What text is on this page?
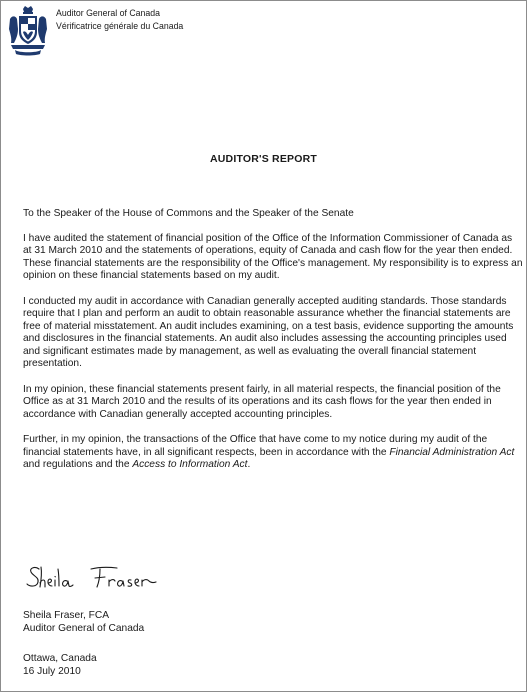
Auditor General of Canada
Vérificatrice générale du Canada
AUDITOR'S REPORT

To the Speaker of the House of Commons and the Speaker of the Senate

I have audited the statement of financial position of the Office of the Information Commissioner of Canada as at 31 March 2010 and the statements of operations, equity of Canada and cash flow for the year then ended. These financial statements are the responsibility of the Office's management. My responsibility is to express an opinion on these financial statements based on my audit.

I conducted my audit in accordance with Canadian generally accepted auditing standards. Those standards require that I plan and perform an audit to obtain reasonable assurance whether the financial statements are free of material misstatement. An audit includes examining, on a test basis, evidence supporting the amounts and disclosures in the financial statements. An audit also includes assessing the accounting principles used and significant estimates made by management, as well as evaluating the overall financial statement presentation.

In my opinion, these financial statements present fairly, in all material respects, the financial position of the Office as at 31 March 2010 and the results of its operations and its cash flows for the year then ended in accordance with Canadian generally accepted accounting principles.

Further, in my opinion, the transactions of the Office that have come to my notice during my audit of the financial statements have, in all significant respects, been in accordance with the Financial Administration Act and regulations and the Access to Information Act.

Sheila Fraser, FCA
Auditor General of Canada
Ottawa, Canada
16 July 2010
